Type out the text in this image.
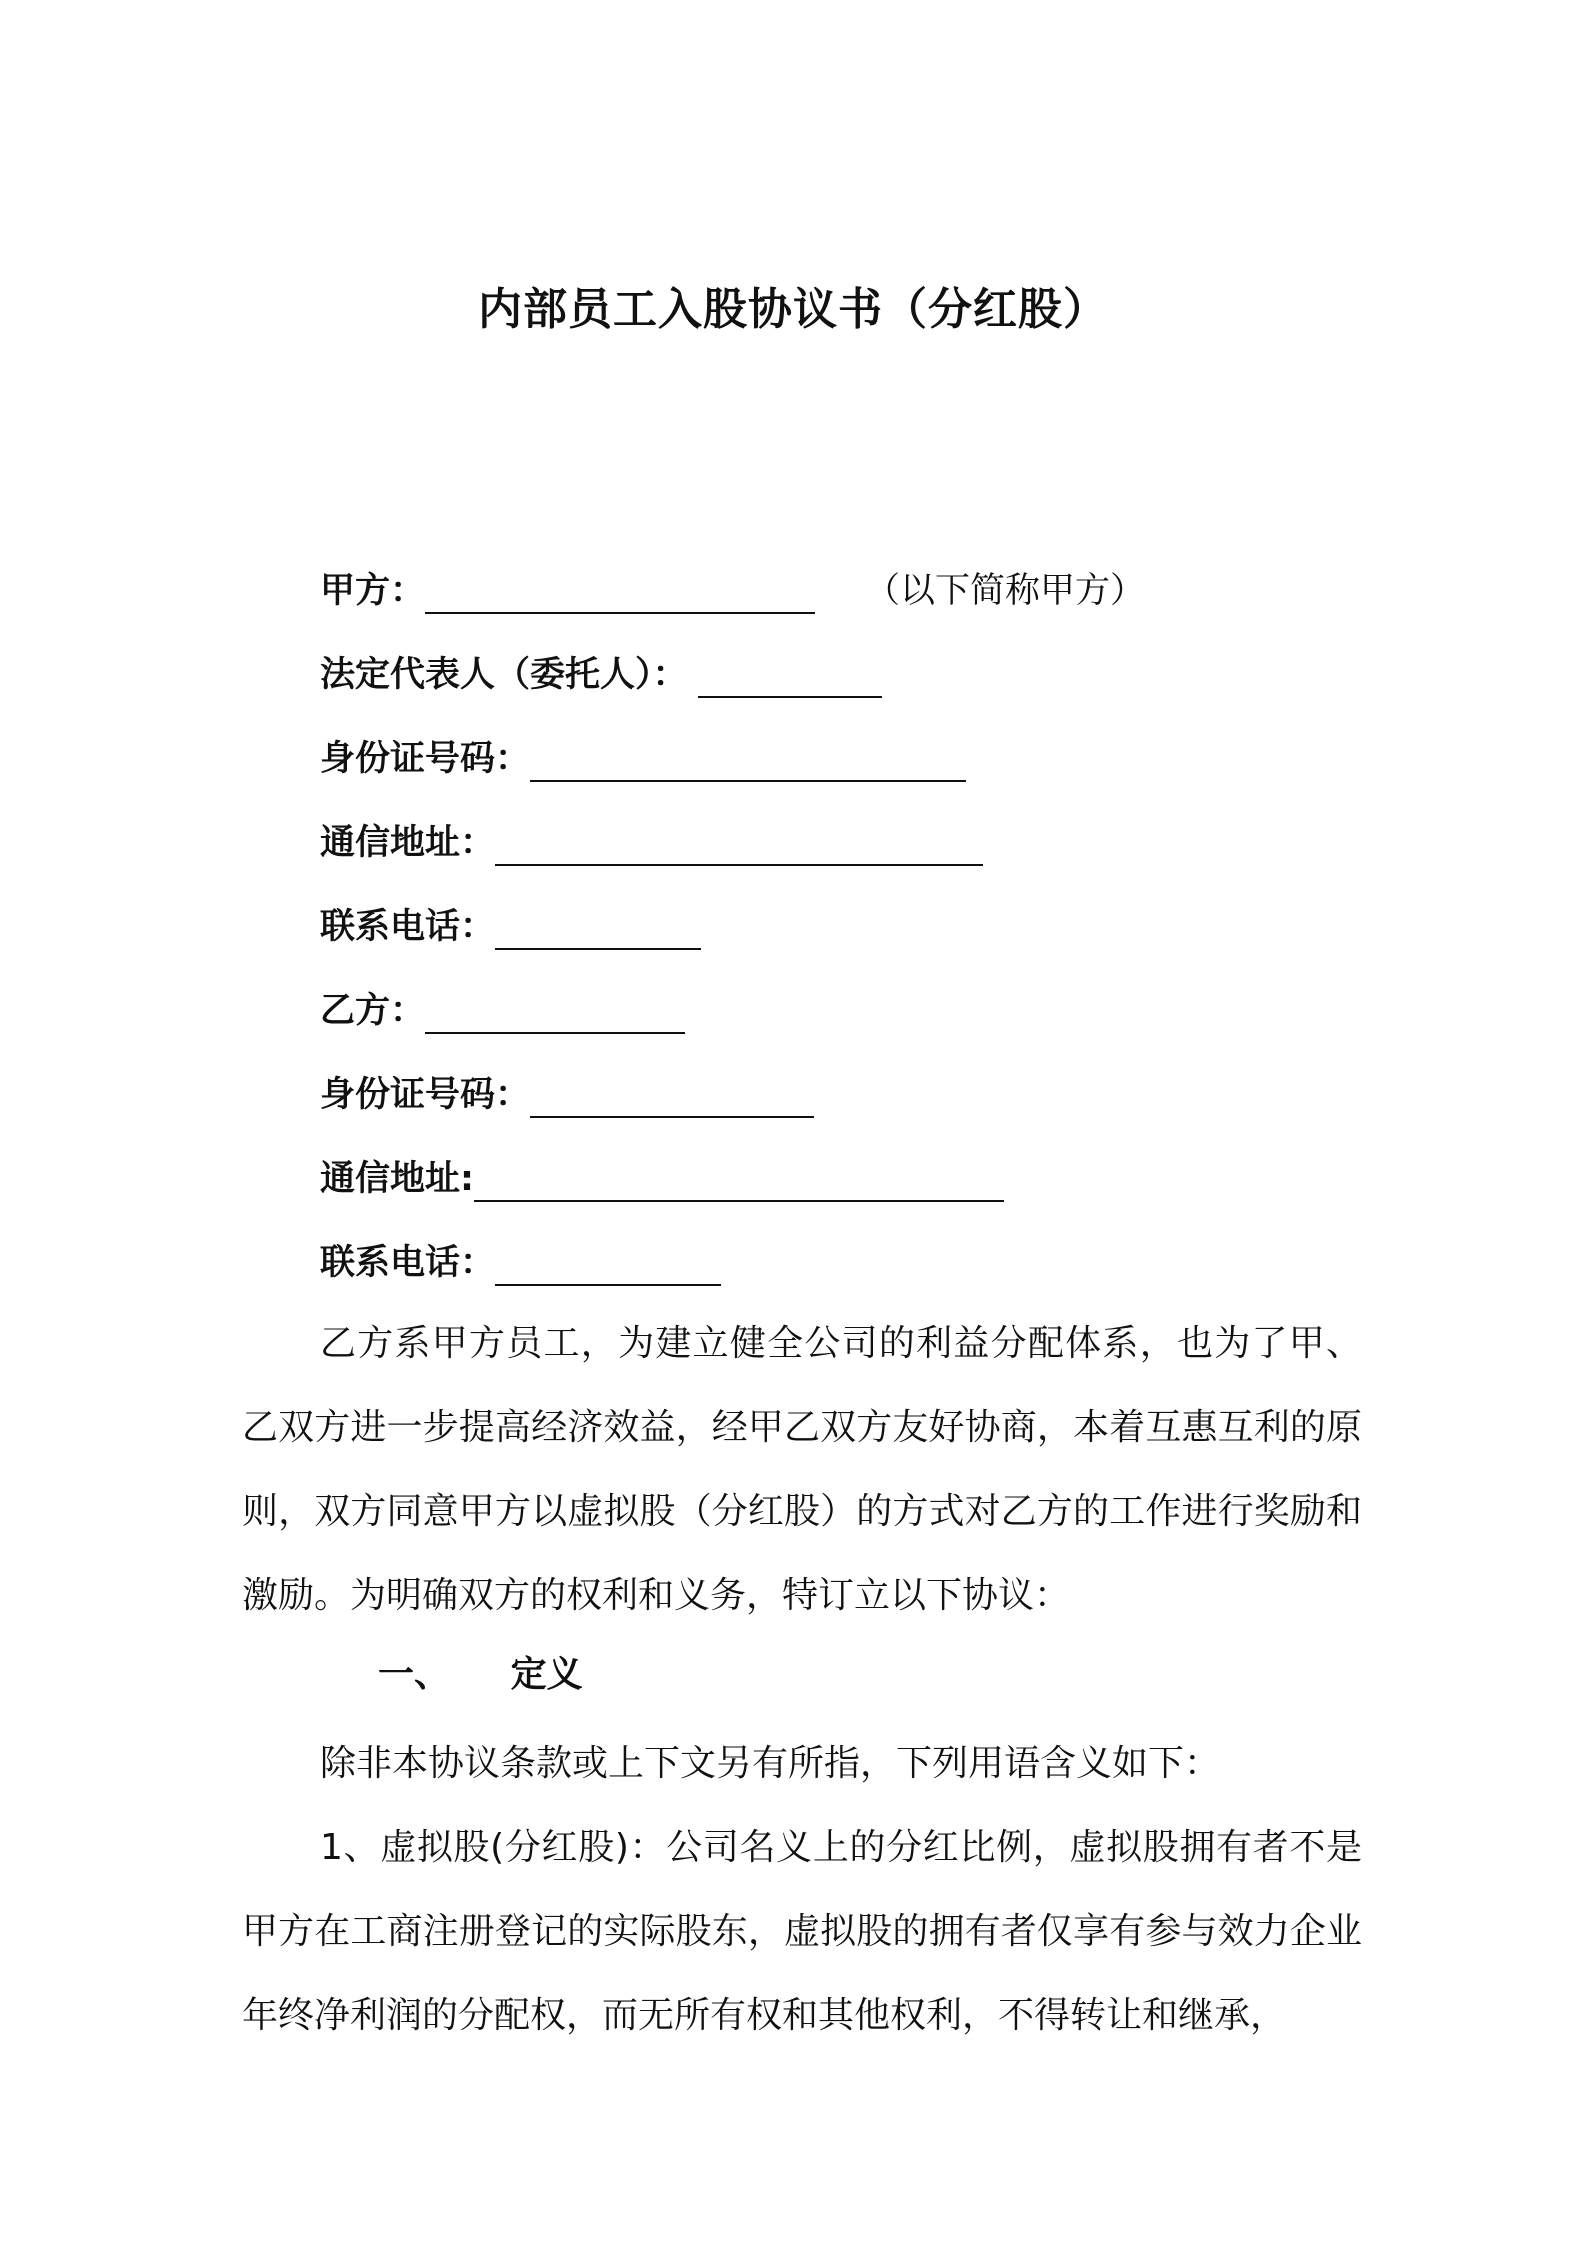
内部员工入股协议书（分红股）
甲方：	（以下简称甲方）
法定代表人（委托人）：
身份证号码：
通信地址：
联系电话：
乙方：
身份证号码：
通信地址:
联系电话：
乙方系甲方员工，为建立健全公司的利益分配体系，也为了甲、乙双方进一步提高经济效益，经甲乙双方友好协商，本着互惠互利的原则，双方同意甲方以虚拟股（分红股）的方式对乙方的工作进行奖励和激励。为明确双方的权利和义务，特订立以下协议：
一、 定义
除非本协议条款或上下文另有所指，下列用语含义如下：
1、虚拟股(分红股)：公司名义上的分红比例，虚拟股拥有者不是甲方在工商注册登记的实际股东，虚拟股的拥有者仅享有参与效力企业年终净利润的分配权，而无所有权和其他权利，不得转让和继承，
